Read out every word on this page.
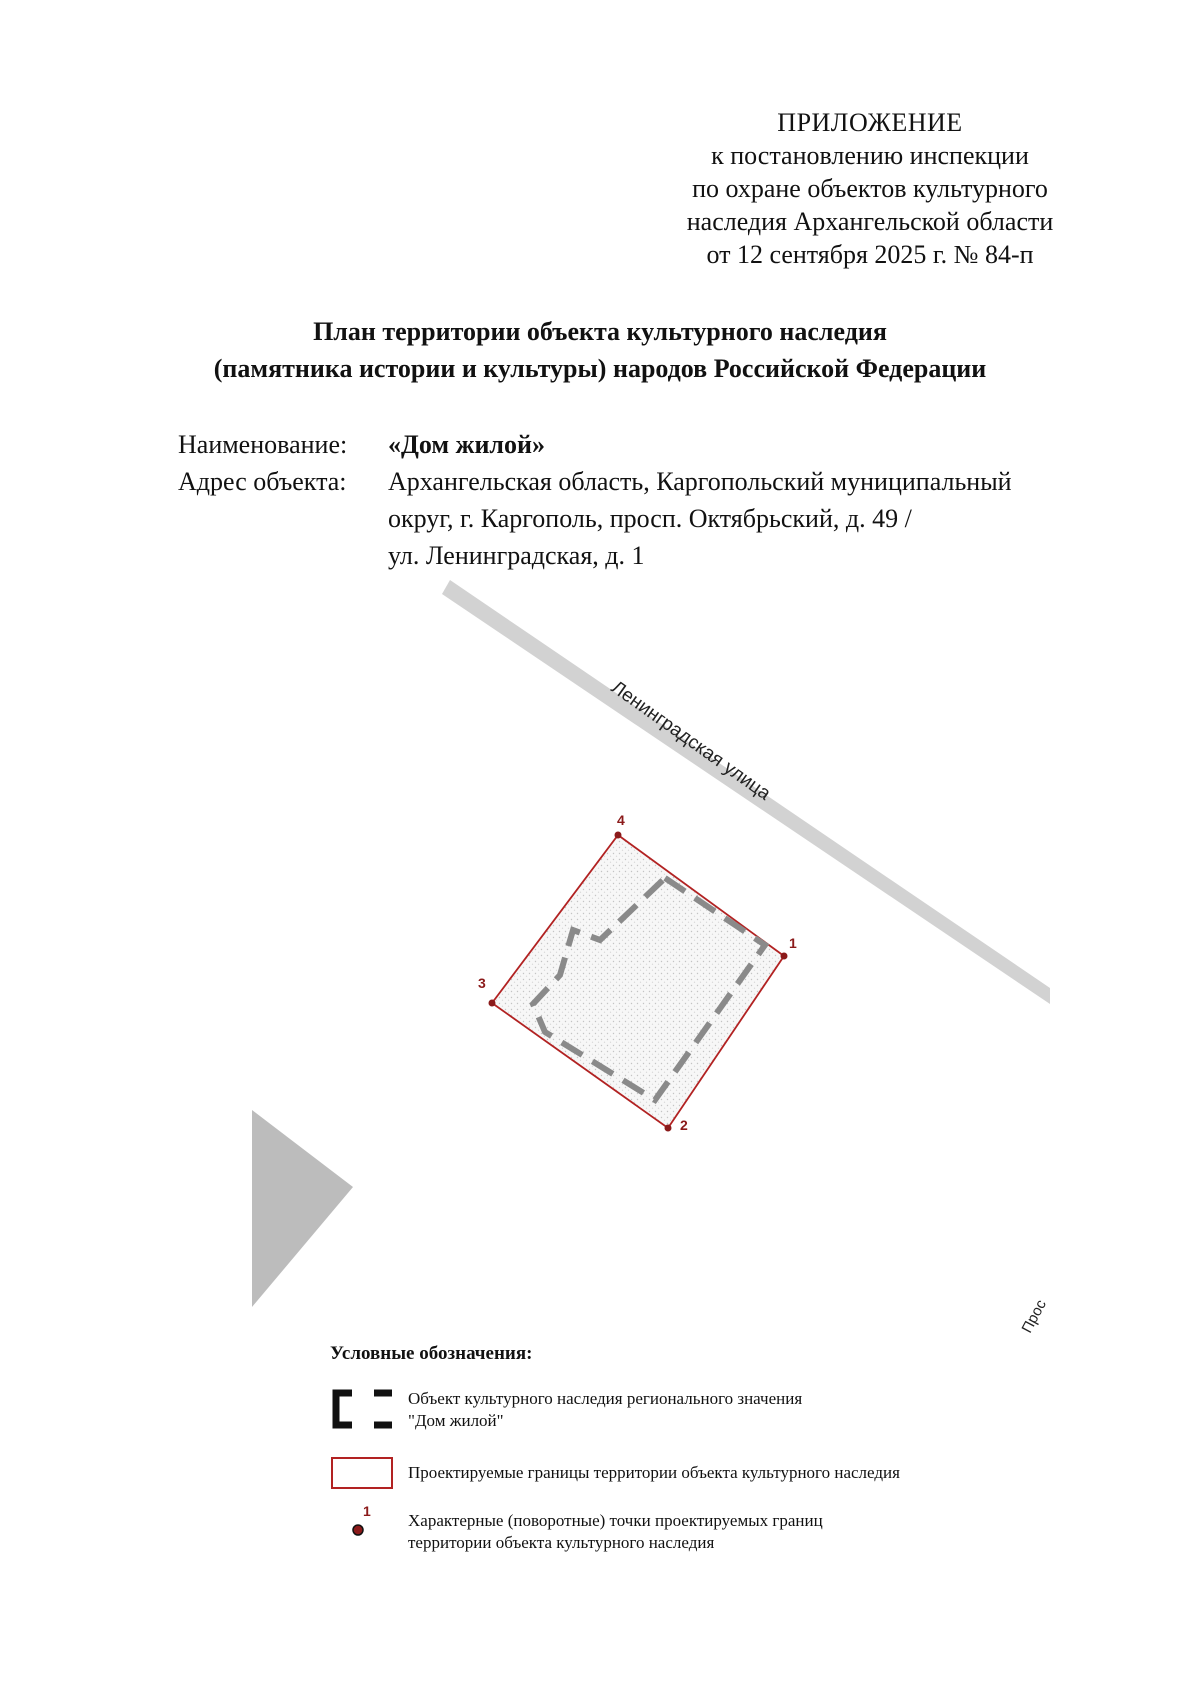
ПРИЛОЖЕНИЕ
к постановлению инспекции
по охране объектов культурного
наследия Архангельской области
от 12 сентября 2025 г. № 84-п
План территории объекта культурного наследия
(памятника истории и культуры) народов Российской Федерации
Наименование:	«Дом жилой»
Адрес объекта:	Архангельская область, Каргопольский муниципальный
округ, г. Каргополь, просп. Октябрьский, д. 49 /
ул. Ленинградская, д. 1
Ленинградская улица
1
2
3
4
Прос
Условные обозначения:
Объект культурного наследия регионального значения
"Дом жилой"
Проектируемые границы территории объекта культурного наследия
1 Характерные (поворотные) точки проектируемых границ
территории объекта культурного наследия
